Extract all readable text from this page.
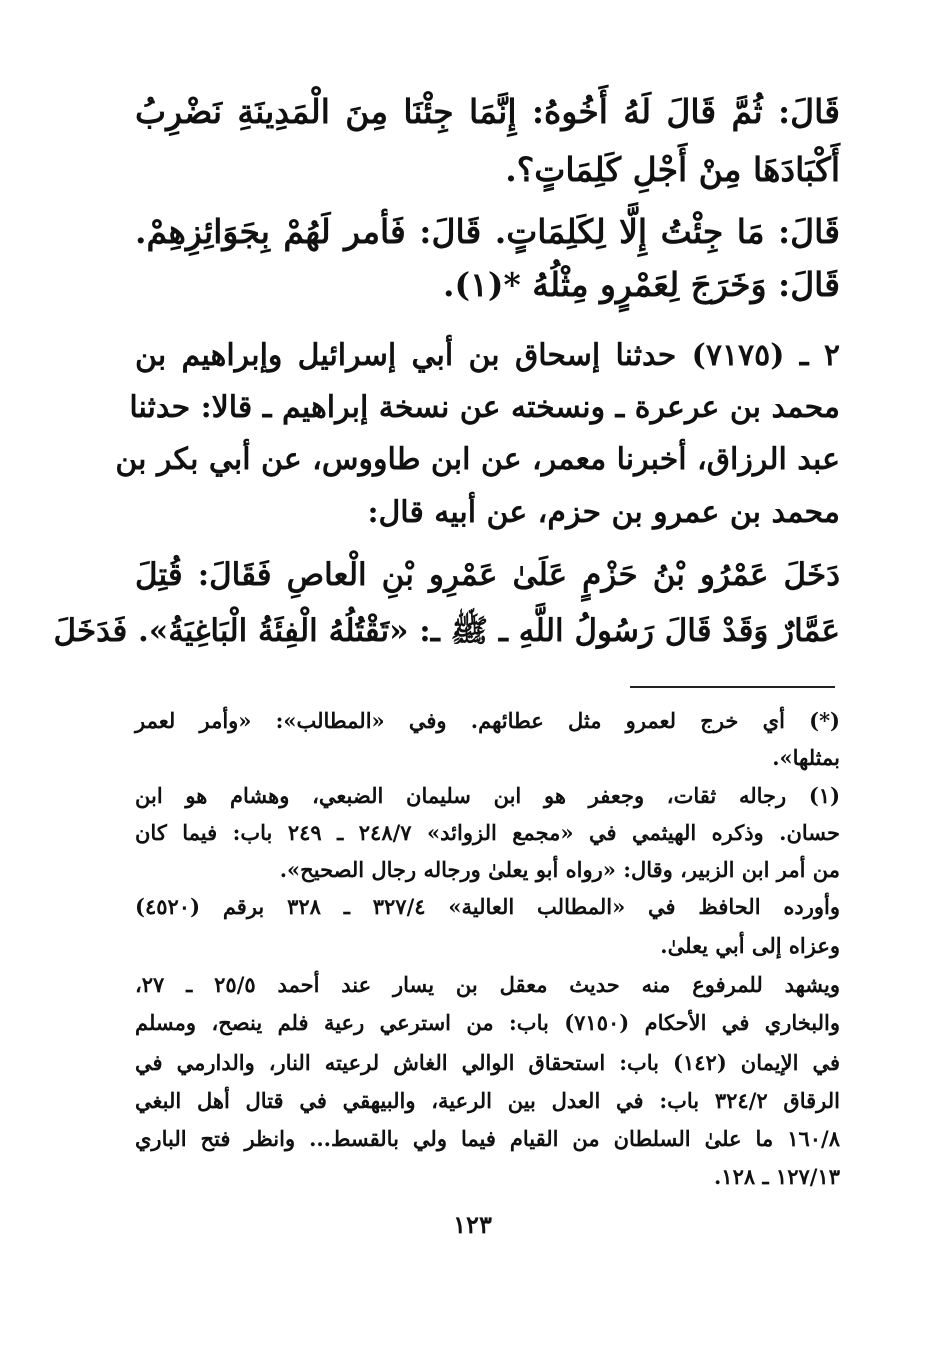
قَالَ: ثُمَّ قَالَ لَهُ أَخُوهُ: إِنَّمَا جِئْنَا مِنَ الْمَدِينَةِ نَضْرِبُ
أَكْبَادَهَا مِنْ أَجْلِ كَلِمَاتٍ؟.
قَالَ: مَا جِئْتُ إِلَّا لِكَلِمَاتٍ. قَالَ: فَأمر لَهُمْ بِجَوَائِزِهِمْ.
قَالَ: وَخَرَجَ لِعَمْرٍو مِثْلُهُ *(١).
٢ ـ (٧١٧٥) حدثنا إسحاق بن أبي إسرائيل وإبراهيم بن
محمد بن عرعرة ـ ونسخته عن نسخة إبراهيم ـ قالا: حدثنا
عبد الرزاق، أخبرنا معمر، عن ابن طاووس، عن أبي بكر بن
محمد بن عمرو بن حزم، عن أبيه قال:
دَخَلَ عَمْرُو بْنُ حَزْمٍ عَلَىٰ عَمْرِو بْنِ الْعاصِ فَقَالَ: قُتِلَ
عَمَّارٌ وَقَدْ قَالَ رَسُولُ اللَّهِ ـ ﷺ ـ: «تَقْتُلُهُ الْفِئَةُ الْبَاغِيَةُ». فَدَخَلَ
(*) أي خرج لعمرو مثل عطائهم. وفي «المطالب»: «وأمر لعمر
بمثلها».
(١) رجاله ثقات، وجعفر هو ابن سليمان الضبعي، وهشام هو ابن
حسان. وذكره الهيثمي في «مجمع الزوائد» ٢٤٨/٧ ـ ٢٤٩ باب: فيما كان
من أمر ابن الزبير، وقال: «رواه أبو يعلىٰ ورجاله رجال الصحيح».
وأورده الحافظ في «المطالب العالية» ٣٢٧/٤ ـ ٣٢٨ برقم (٤٥٢٠)
وعزاه إلى أبي يعلىٰ.
ويشهد للمرفوع منه حديث معقل بن يسار عند أحمد ٢٥/٥ ـ ٢٧،
والبخاري في الأحكام (٧١٥٠) باب: من استرعي رعية فلم ينصح، ومسلم
في الإيمان (١٤٢) باب: استحقاق الوالي الغاش لرعيته النار، والدارمي في
الرقاق ٣٢٤/٢ باب: في العدل بين الرعية، والبيهقي في قتال أهل البغي
١٦٠/٨ ما علىٰ السلطان من القيام فيما ولي بالقسط... وانظر فتح الباري
١٢٧/١٣ ـ ١٢٨.
١٢٣
